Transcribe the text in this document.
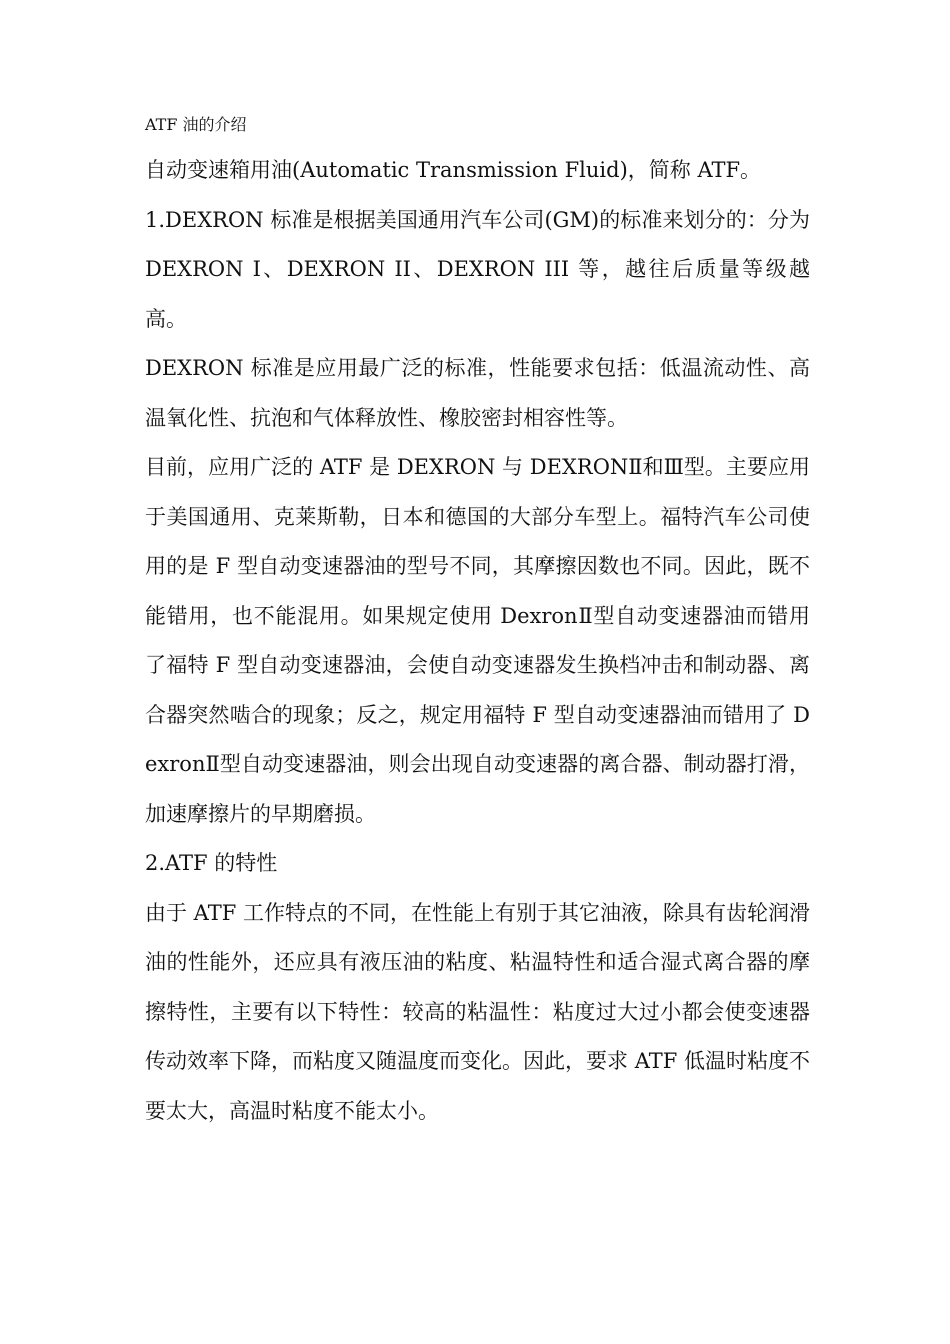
ATF 油的介绍

自动变速箱用油(Automatic Transmission Fluid)，简称 ATF。

1.DEXRON 标准是根据美国通用汽车公司(GM)的标准来划分的：分为 DEXRON I、DEXRON II、DEXRON III 等，越往后质量等级越高。

DEXRON 标准是应用最广泛的标准，性能要求包括：低温流动性、高温氧化性、抗泡和气体释放性、橡胶密封相容性等。

目前，应用广泛的 ATF 是 DEXRON 与 DEXRONⅡ和Ⅲ型。主要应用于美国通用、克莱斯勒，日本和德国的大部分车型上。福特汽车公司使用的是 F 型自动变速器油的型号不同，其摩擦因数也不同。因此，既不能错用，也不能混用。如果规定使用 DexronⅡ型自动变速器油而错用了福特 F 型自动变速器油，会使自动变速器发生换档冲击和制动器、离合器突然啮合的现象；反之，规定用福特 F 型自动变速器油而错用了 DexronⅡ型自动变速器油，则会出现自动变速器的离合器、制动器打滑，加速摩擦片的早期磨损。

2.ATF 的特性

由于 ATF 工作特点的不同，在性能上有别于其它油液，除具有齿轮润滑油的性能外，还应具有液压油的粘度、粘温特性和适合湿式离合器的摩擦特性，主要有以下特性：较高的粘温性：粘度过大过小都会使变速器传动效率下降，而粘度又随温度而变化。因此，要求 ATF 低温时粘度不要太大，高温时粘度不能太小。
